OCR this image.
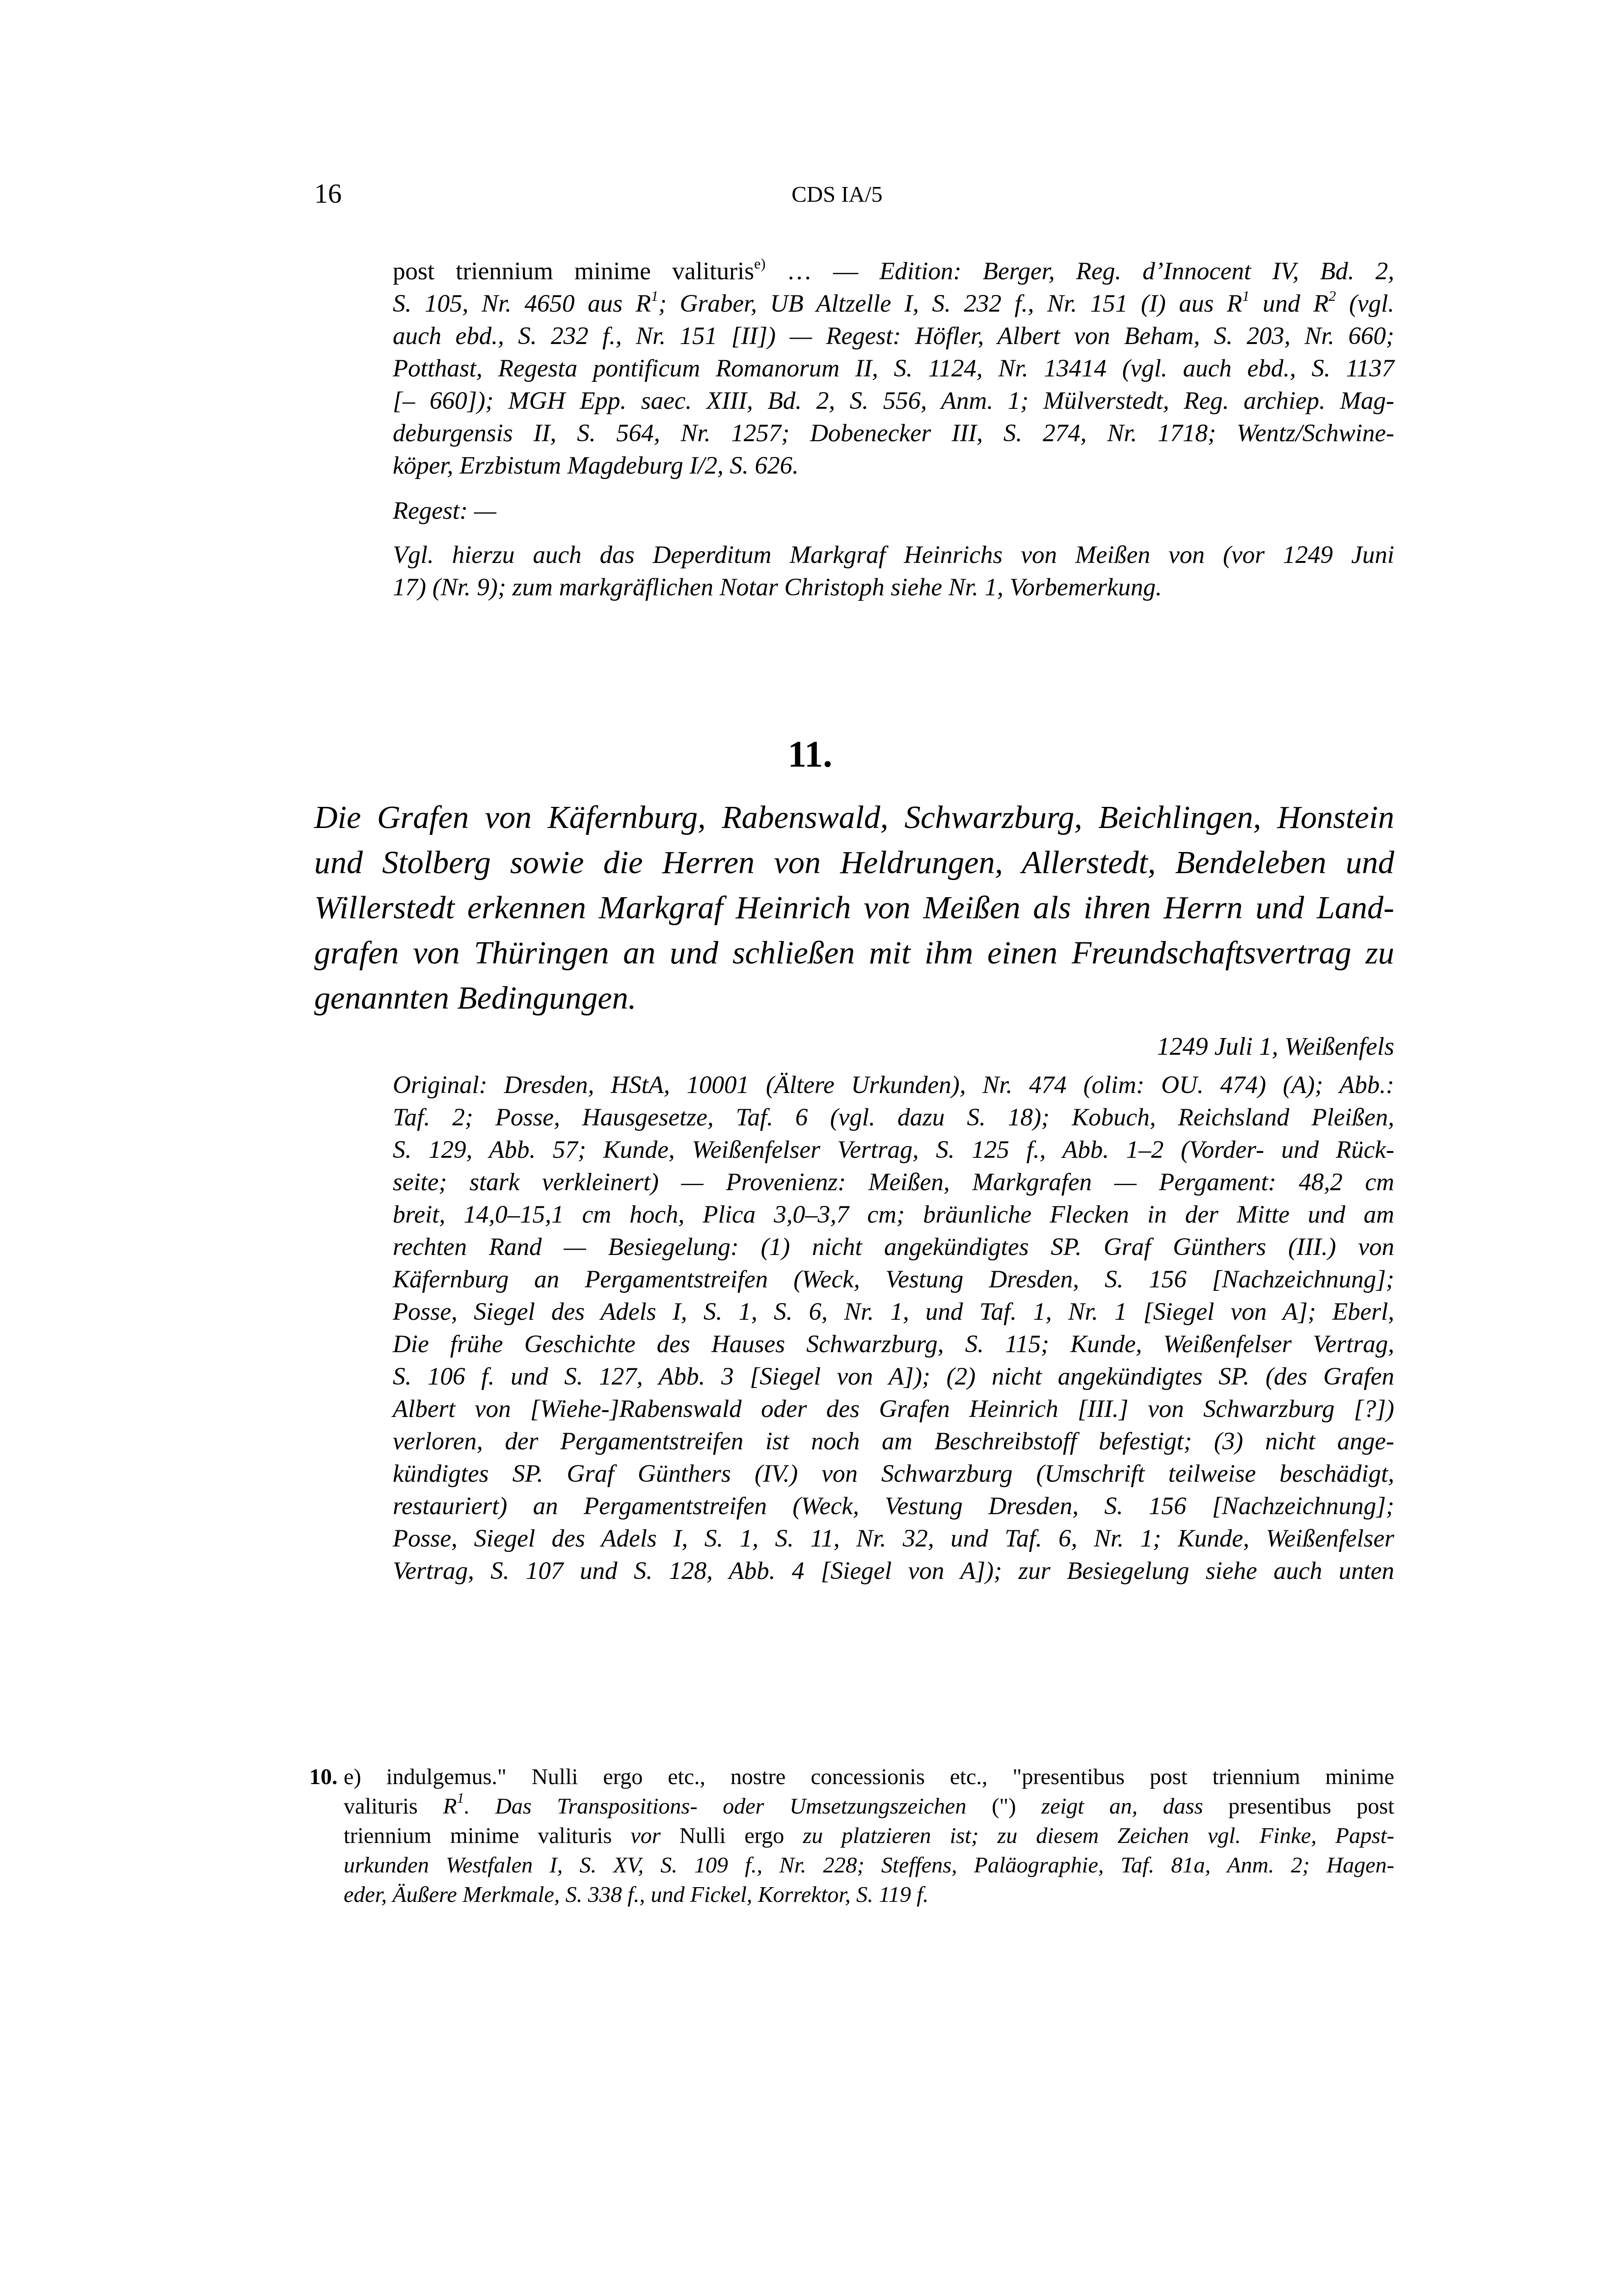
16	CDS IA/5
post triennium minime valituris$^{e)}$ … — Edition: Berger, Reg. d’Innocent IV, Bd. 2,
S. 105, Nr. 4650 aus $R^1$; Graber, UB Altzelle I, S. 232 f., Nr. 151 (I) aus $R^1$ und $R^2$ (vgl.
auch ebd., S. 232 f., Nr. 151 [II]) — Regest: Höfler, Albert von Beham, S. 203, Nr. 660;
Potthast, Regesta pontificum Romanorum II, S. 1124, Nr. 13414 (vgl. auch ebd., S. 1137
[– 660]); MGH Epp. saec. XIII, Bd. 2, S. 556, Anm. 1; Mülverstedt, Reg. archiep. Mag-
deburgensis II, S. 564, Nr. 1257; Dobenecker III, S. 274, Nr. 1718; Wentz/Schwine-
köper, Erzbistum Magdeburg I/2, S. 626.
Regest: —
Vgl. hierzu auch das Deperditum Markgraf Heinrichs von Meißen von (vor 1249 Juni
17) (Nr. 9); zum markgräflichen Notar Christoph siehe Nr. 1, Vorbemerkung.
11.
Die Grafen von Käfernburg, Rabenswald, Schwarzburg, Beichlingen, Honstein
und Stolberg sowie die Herren von Heldrungen, Allerstedt, Bendeleben und
Willerstedt erkennen Markgraf Heinrich von Meißen als ihren Herrn und Land-
grafen von Thüringen an und schließen mit ihm einen Freundschaftsvertrag zu
genannten Bedingungen.
1249 Juli 1, Weißenfels
Original: Dresden, HStA, 10001 (Ältere Urkunden), Nr. 474 (olim: OU. 474) (A); Abb.:
Taf. 2; Posse, Hausgesetze, Taf. 6 (vgl. dazu S. 18); Kobuch, Reichsland Pleißen,
S. 129, Abb. 57; Kunde, Weißenfelser Vertrag, S. 125 f., Abb. 1–2 (Vorder- und Rück-
seite; stark verkleinert) — Provenienz: Meißen, Markgrafen — Pergament: 48,2 cm
breit, 14,0–15,1 cm hoch, Plica 3,0–3,7 cm; bräunliche Flecken in der Mitte und am
rechten Rand — Besiegelung: (1) nicht angekündigtes SP. Graf Günthers (III.) von
Käfernburg an Pergamentstreifen (Weck, Vestung Dresden, S. 156 [Nachzeichnung];
Posse, Siegel des Adels I, S. 1, S. 6, Nr. 1, und Taf. 1, Nr. 1 [Siegel von A]; Eberl,
Die frühe Geschichte des Hauses Schwarzburg, S. 115; Kunde, Weißenfelser Vertrag,
S. 106 f. und S. 127, Abb. 3 [Siegel von A]); (2) nicht angekündigtes SP. (des Grafen
Albert von [Wiehe-]Rabenswald oder des Grafen Heinrich [III.] von Schwarzburg [?])
verloren, der Pergamentstreifen ist noch am Beschreibstoff befestigt; (3) nicht ange-
kündigtes SP. Graf Günthers (IV.) von Schwarzburg (Umschrift teilweise beschädigt,
restauriert) an Pergamentstreifen (Weck, Vestung Dresden, S. 156 [Nachzeichnung];
Posse, Siegel des Adels I, S. 1, S. 11, Nr. 32, und Taf. 6, Nr. 1; Kunde, Weißenfelser
Vertrag, S. 107 und S. 128, Abb. 4 [Siegel von A]); zur Besiegelung siehe auch unten
10. e) indulgemus." Nulli ergo etc., nostre concessionis etc., "presentibus post triennium minime
valituris $R^1$. Das Transpositions- oder Umsetzungszeichen (") zeigt an, dass presentibus post
triennium minime valituris vor Nulli ergo zu platzieren ist; zu diesem Zeichen vgl. Finke, Papst-
urkunden Westfalen I, S. XV, S. 109 f., Nr. 228; Steffens, Paläographie, Taf. 81a, Anm. 2; Hagen-
eder, Äußere Merkmale, S. 338 f., und Fickel, Korrektor, S. 119 f.
